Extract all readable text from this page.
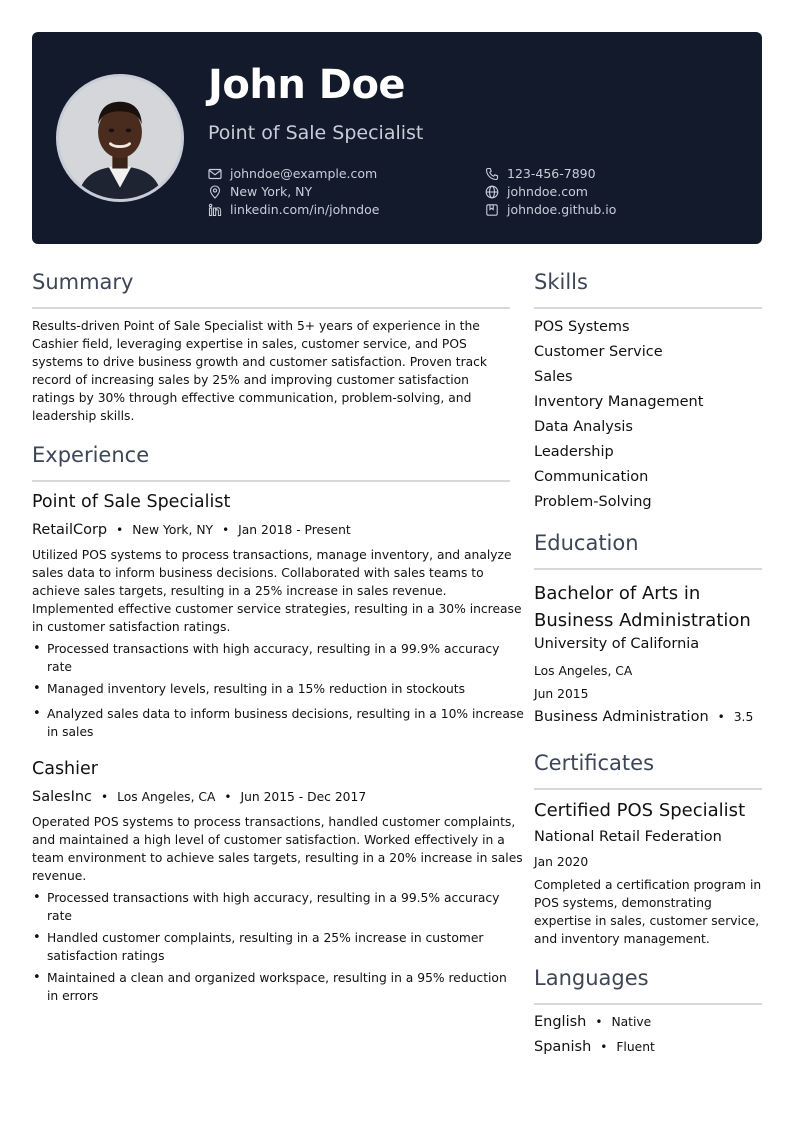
John Doe
Point of Sale Specialist
johndoe@example.com	123-456-7890
New York, NY	johndoe.com
linkedin.com/in/johndoe	johndoe.github.io
Summary
Results-driven Point of Sale Specialist with 5+ years of experience in the
Cashier field, leveraging expertise in sales, customer service, and POS
systems to drive business growth and customer satisfaction. Proven track
record of increasing sales by 25% and improving customer satisfaction
ratings by 30% through effective communication, problem-solving, and
leadership skills.
Experience
Point of Sale Specialist
RetailCorp • New York, NY • Jan 2018 - Present
Utilized POS systems to process transactions, manage inventory, and analyze
sales data to inform business decisions. Collaborated with sales teams to
achieve sales targets, resulting in a 25% increase in sales revenue.
Implemented effective customer service strategies, resulting in a 30% increase
in customer satisfaction ratings.
• Processed transactions with high accuracy, resulting in a 99.9% accuracy
rate
• Managed inventory levels, resulting in a 15% reduction in stockouts
• Analyzed sales data to inform business decisions, resulting in a 10% increase
in sales
Cashier
SalesInc • Los Angeles, CA • Jun 2015 - Dec 2017
Operated POS systems to process transactions, handled customer complaints,
and maintained a high level of customer satisfaction. Worked effectively in a
team environment to achieve sales targets, resulting in a 20% increase in sales
revenue.
• Processed transactions with high accuracy, resulting in a 99.5% accuracy
rate
• Handled customer complaints, resulting in a 25% increase in customer
satisfaction ratings
• Maintained a clean and organized workspace, resulting in a 95% reduction
in errors
Skills
POS Systems
Customer Service
Sales
Inventory Management
Data Analysis
Leadership
Communication
Problem-Solving
Education
Bachelor of Arts in
Business Administration
University of California
Los Angeles, CA
Jun 2015
Business Administration • 3.5
Certificates
Certified POS Specialist
National Retail Federation
Jan 2020
Completed a certification program in
POS systems, demonstrating
expertise in sales, customer service,
and inventory management.
Languages
English • Native
Spanish • Fluent
